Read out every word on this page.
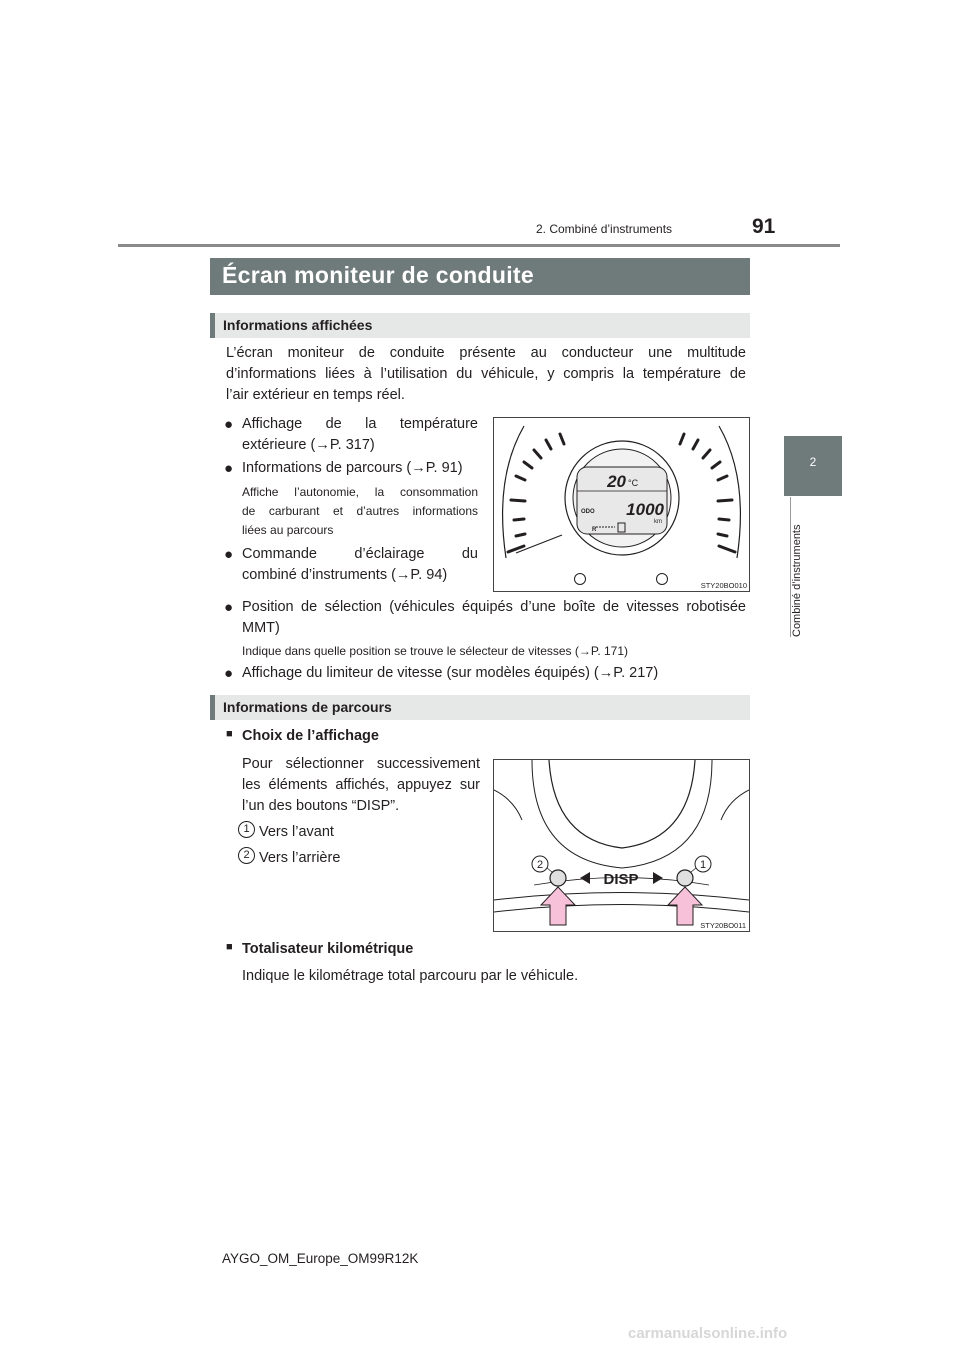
2. Combiné d’instruments	91
2
Combiné d’instruments
Écran moniteur de conduite
Informations affichées
L’écran moniteur de conduite présente au conducteur une multitude
d’informations liées à l’utilisation du véhicule, y compris la température de
l’air extérieur en temps réel.
● Affichage de la température
extérieure (→P. 317)
● Informations de parcours (→P. 91)
Affiche l’autonomie, la consommation
de carburant et d’autres informations
liées au parcours
● Commande d’éclairage du
combiné d’instruments (→P. 94)
20 °C
ODO 1000
km
R
STY20BO010
● Position de sélection (véhicules équipés d’une boîte de vitesses robotisée
MMT)
Indique dans quelle position se trouve le sélecteur de vitesses (→P. 171)
● Affichage du limiteur de vitesse (sur modèles équipés) (→P. 217)
Informations de parcours
■ Choix de l’affichage
Pour sélectionner successivement
les éléments affichés, appuyez sur
l’un des boutons “DISP”.
1 Vers l’avant
2 Vers l’arrière
DISP
2	1
STY20BO011
■ Totalisateur kilométrique
Indique le kilométrage total parcouru par le véhicule.
AYGO_OM_Europe_OM99R12K
carmanualsonline.info
